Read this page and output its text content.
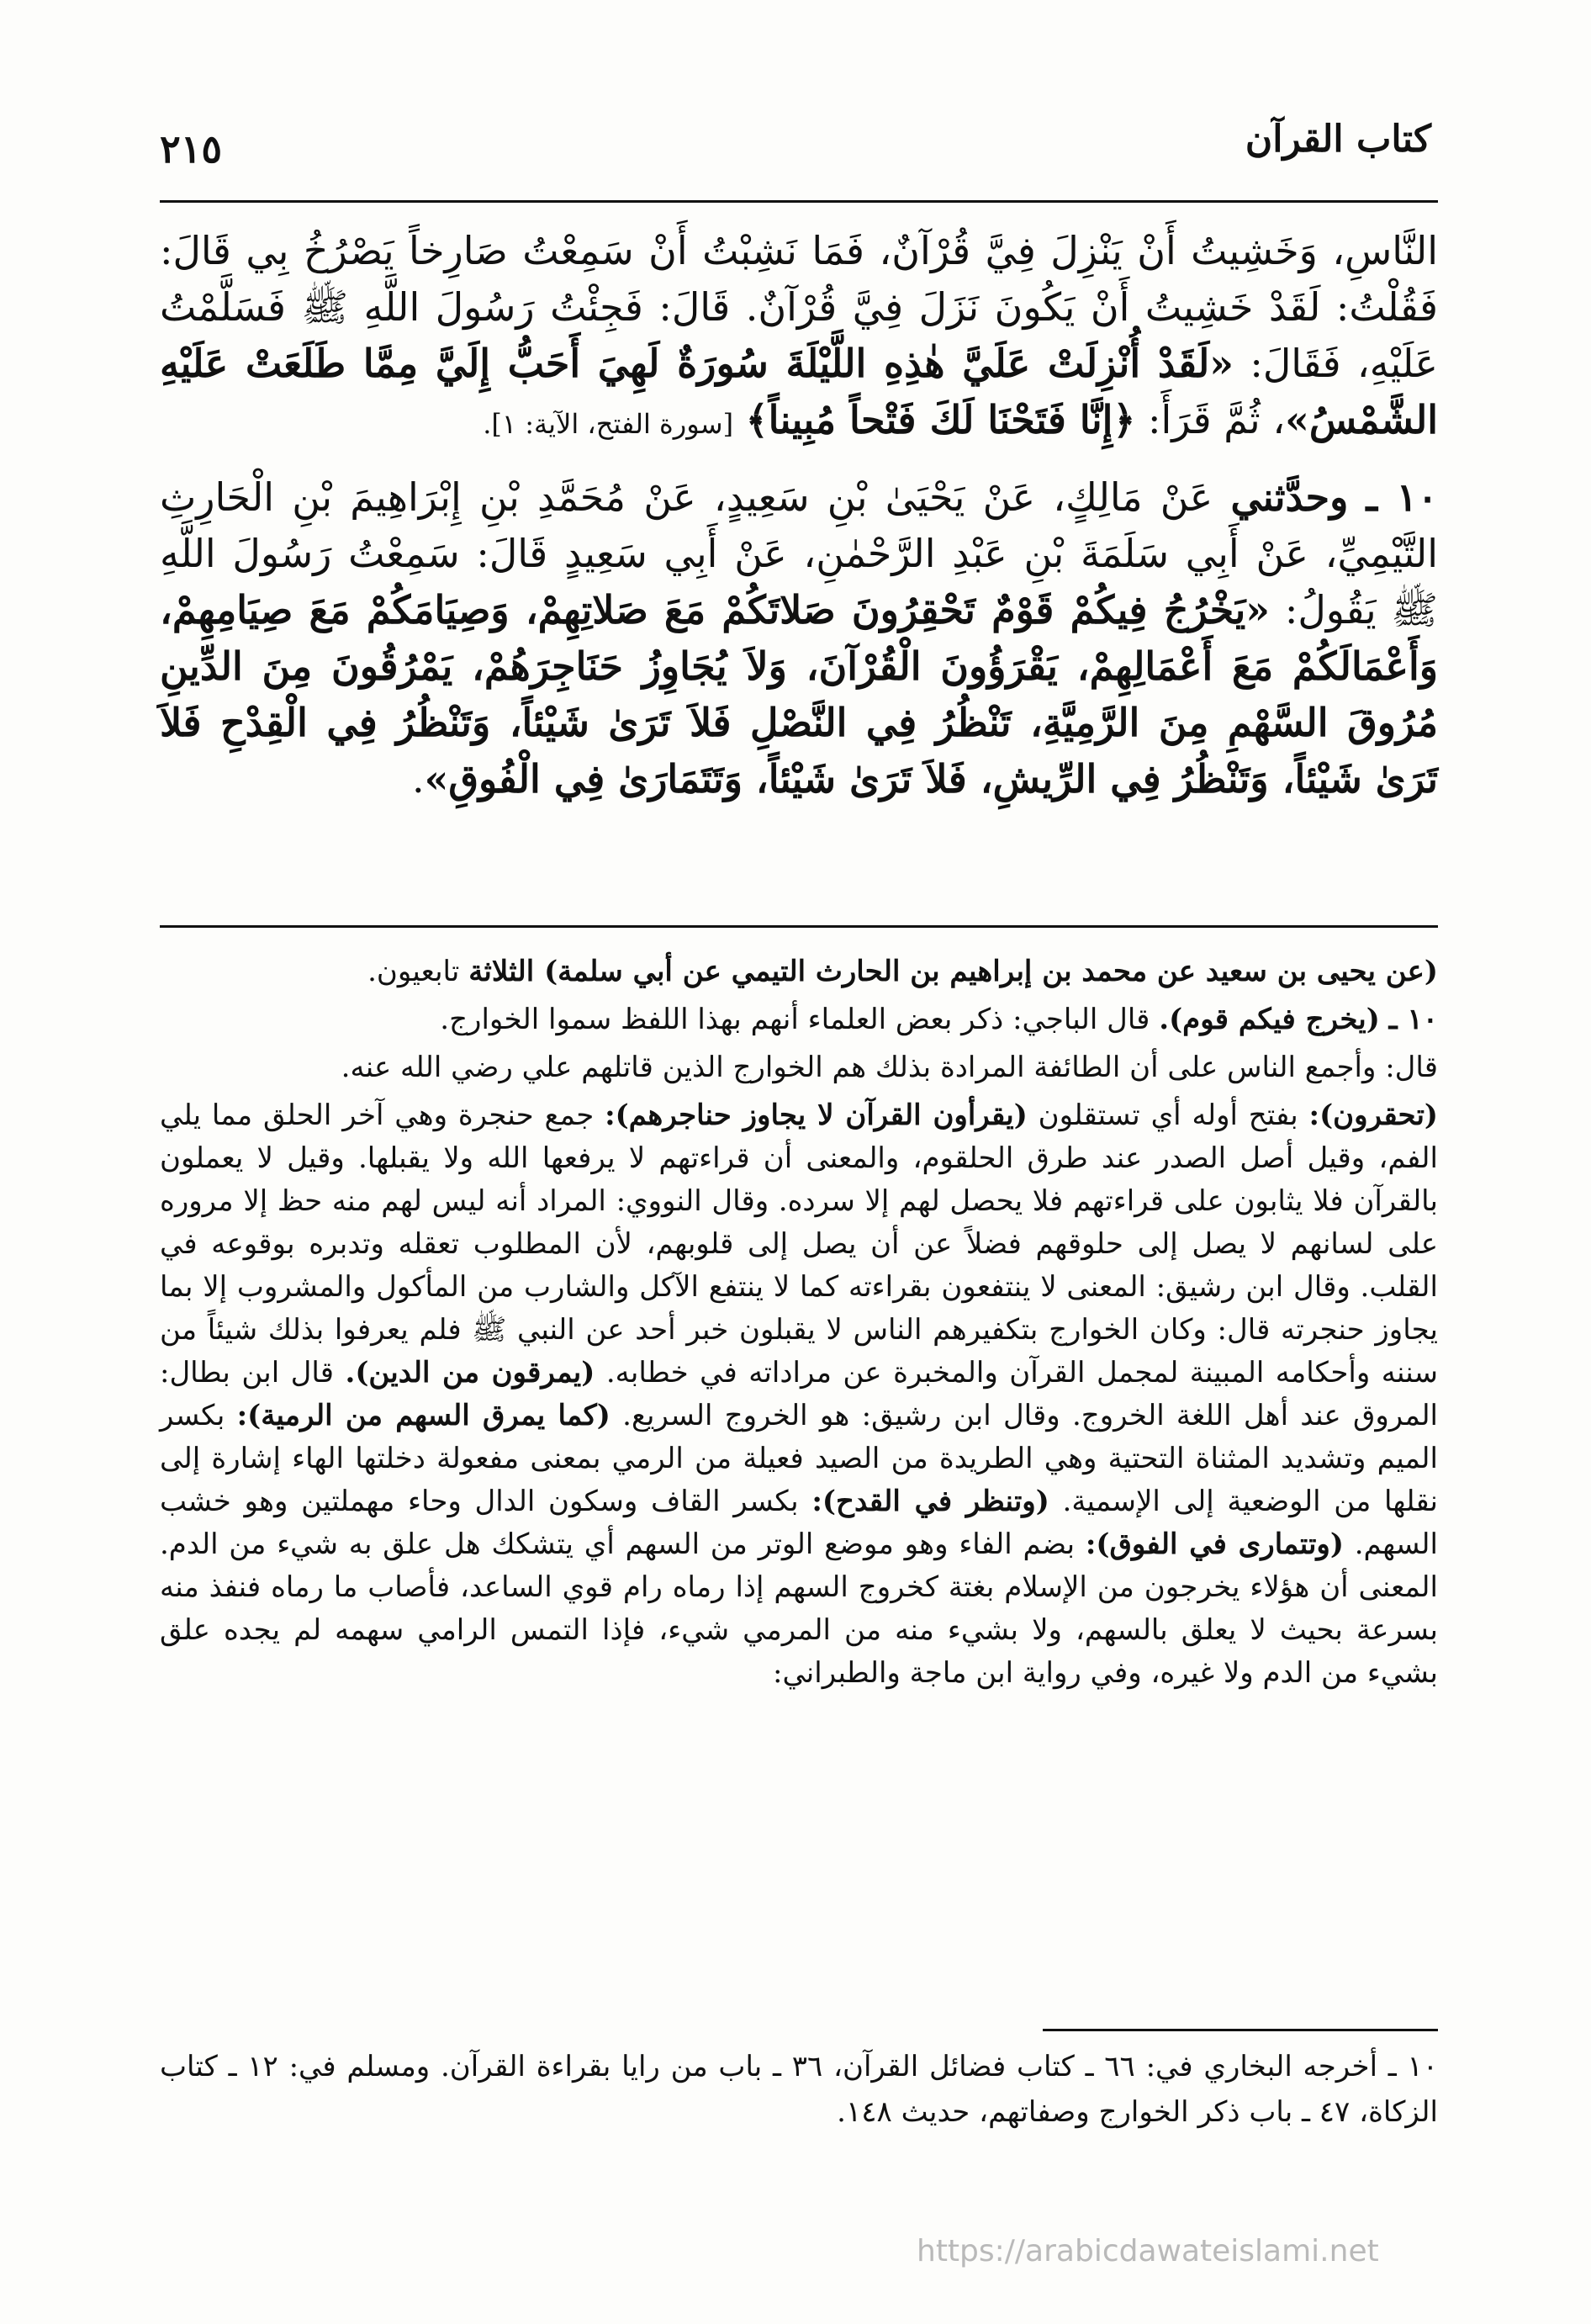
كتاب القرآن
٢١٥

النَّاسِ، وَخَشِيتُ أَنْ يَنْزِلَ فِيَّ قُرْآنٌ، فَمَا نَشِبْتُ أَنْ سَمِعْتُ صَارِخاً يَصْرُخُ بِي قَالَ: فَقُلْتُ: لَقَدْ خَشِيتُ أَنْ يَكُونَ نَزَلَ فِيَّ قُرْآنٌ. قَالَ: فَجِئْتُ رَسُولَ اللَّهِ ﷺ فَسَلَّمْتُ عَلَيْهِ، فَقَالَ: «لَقَدْ أُنْزِلَتْ عَلَيَّ هٰذِهِ اللَّيْلَةَ سُورَةٌ لَهِيَ أَحَبُّ إِلَيَّ مِمَّا طَلَعَتْ عَلَيْهِ الشَّمْسُ»، ثُمَّ قَرَأَ: ﴿إِنَّا فَتَحْنَا لَكَ فَتْحاً مُبِيناً﴾ [سورة الفتح، الآية: ١].

١٠ ـ وحدَّثني عَنْ مَالِكٍ، عَنْ يَحْيَىٰ بْنِ سَعِيدٍ، عَنْ مُحَمَّدِ بْنِ إِبْرَاهِيمَ بْنِ الْحَارِثِ التَّيْمِيِّ، عَنْ أَبِي سَلَمَةَ بْنِ عَبْدِ الرَّحْمٰنِ، عَنْ أَبِي سَعِيدٍ قَالَ: سَمِعْتُ رَسُولَ اللَّهِ ﷺ يَقُولُ: «يَخْرُجُ فِيكُمْ قَوْمٌ تَحْقِرُونَ صَلاتَكُمْ مَعَ صَلاتِهِمْ، وَصِيَامَكُمْ مَعَ صِيَامِهِمْ، وَأَعْمَالَكُمْ مَعَ أَعْمَالِهِمْ، يَقْرَؤُونَ الْقُرْآنَ، وَلاَ يُجَاوِزُ حَنَاجِرَهُمْ، يَمْرُقُونَ مِنَ الدِّينِ مُرُوقَ السَّهْمِ مِنَ الرَّمِيَّةِ، تَنْظُرُ فِي النَّصْلِ فَلاَ تَرَىٰ شَيْئاً، وَتَنْظُرُ فِي الْقِدْحِ فَلاَ تَرَىٰ شَيْئاً، وَتَنْظُرُ فِي الرِّيشِ، فَلاَ تَرَىٰ شَيْئاً، وَتَتَمَارَىٰ فِي الْفُوقِ».

(عن يحيى بن سعيد عن محمد بن إبراهيم بن الحارث التيمي عن أبي سلمة) الثلاثة تابعيون.

١٠ ـ (يخرج فيكم قوم). قال الباجي: ذكر بعض العلماء أنهم بهذا اللفظ سموا الخوارج.

قال: وأجمع الناس على أن الطائفة المرادة بذلك هم الخوارج الذين قاتلهم علي رضي الله عنه.

(تحقرون): بفتح أوله أي تستقلون (يقرأون القرآن لا يجاوز حناجرهم): جمع حنجرة وهي آخر الحلق مما يلي الفم، وقيل أصل الصدر عند طرق الحلقوم، والمعنى أن قراءتهم لا يرفعها الله ولا يقبلها. وقيل لا يعملون بالقرآن فلا يثابون على قراءتهم فلا يحصل لهم إلا سرده. وقال النووي: المراد أنه ليس لهم منه حظ إلا مروره على لسانهم لا يصل إلى حلوقهم فضلاً عن أن يصل إلى قلوبهم، لأن المطلوب تعقله وتدبره بوقوعه في القلب. وقال ابن رشيق: المعنى لا ينتفعون بقراءته كما لا ينتفع الآكل والشارب من المأكول والمشروب إلا بما يجاوز حنجرته قال: وكان الخوارج بتكفيرهم الناس لا يقبلون خبر أحد عن النبي ﷺ فلم يعرفوا بذلك شيئاً من سننه وأحكامه المبينة لمجمل القرآن والمخبرة عن مراداته في خطابه. (يمرقون من الدين). قال ابن بطال: المروق عند أهل اللغة الخروج. وقال ابن رشيق: هو الخروج السريع. (كما يمرق السهم من الرمية): بكسر الميم وتشديد المثناة التحتية وهي الطريدة من الصيد فعيلة من الرمي بمعنى مفعولة دخلتها الهاء إشارة إلى نقلها من الوضعية إلى الإسمية. (وتنظر في القدح): بكسر القاف وسكون الدال وحاء مهملتين وهو خشب السهم. (وتتمارى في الفوق): بضم الفاء وهو موضع الوتر من السهم أي يتشكك هل علق به شيء من الدم. المعنى أن هؤلاء يخرجون من الإسلام بغتة كخروج السهم إذا رماه رام قوي الساعد، فأصاب ما رماه فنفذ منه بسرعة بحيث لا يعلق بالسهم، ولا بشيء منه من المرمي شيء، فإذا التمس الرامي سهمه لم يجده علق بشيء من الدم ولا غيره، وفي رواية ابن ماجة والطبراني:

١٠ ـ أخرجه البخاري في: ٦٦ ـ كتاب فضائل القرآن، ٣٦ ـ باب من رايا بقراءة القرآن. ومسلم في: ١٢ ـ كتاب الزكاة، ٤٧ ـ باب ذكر الخوارج وصفاتهم، حديث ١٤٨.

https://arabicdawateislami.net
